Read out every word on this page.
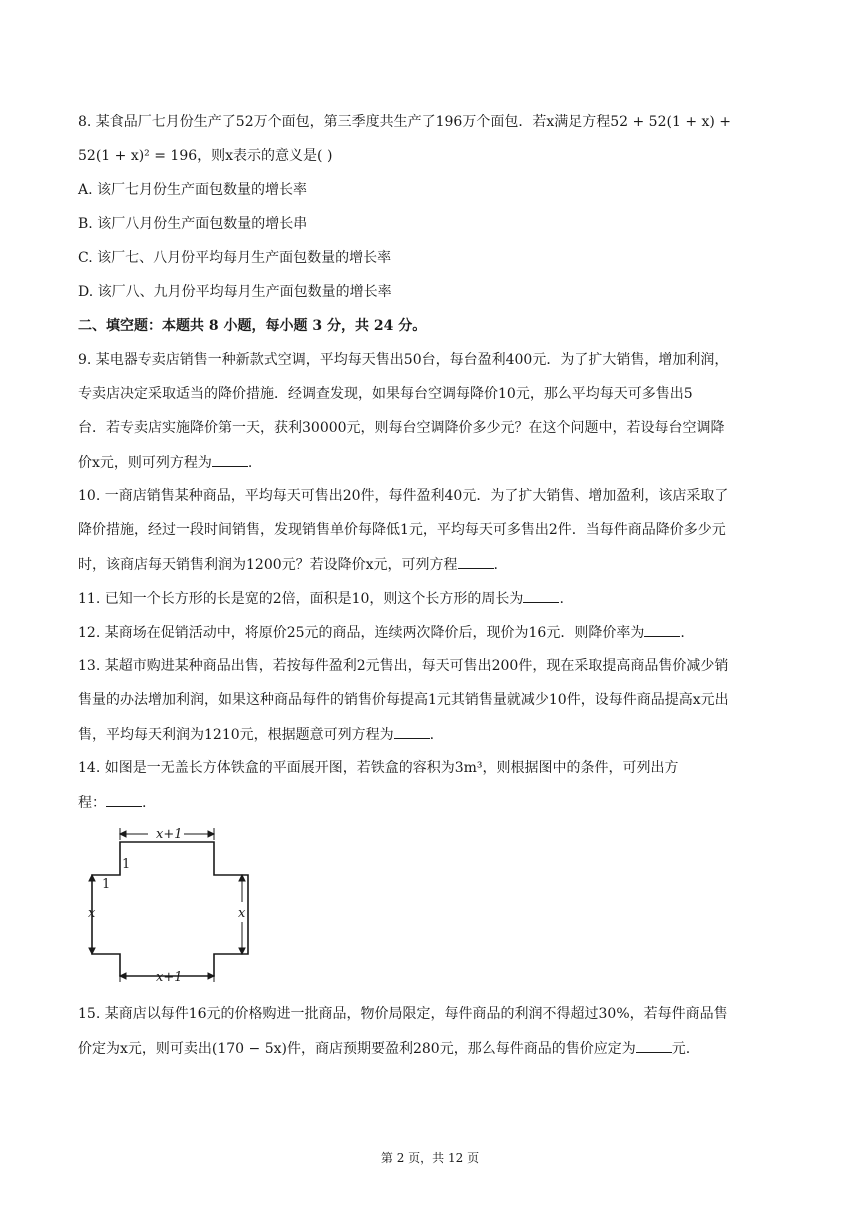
8. 某食品厂七月份生产了52万个面包，第三季度共生产了196万个面包．若x满足方程52 + 52(1 + x) +
52(1 + x)² = 196，则x表示的意义是( )
A. 该厂七月份生产面包数量的增长率
B. 该厂八月份生产面包数量的增长串
C. 该厂七、八月份平均每月生产面包数量的增长率
D. 该厂八、九月份平均每月生产面包数量的增长率
二、填空题：本题共 8 小题，每小题 3 分，共 24 分。
9. 某电器专卖店销售一种新款式空调，平均每天售出50台，每台盈利400元．为了扩大销售，增加利润，
专卖店决定采取适当的降价措施．经调查发现，如果每台空调每降价10元，那么平均每天可多售出5
台．若专卖店实施降价第一天，获利30000元，则每台空调降价多少元？在这个问题中，若设每台空调降
价x元，则可列方程为	.
10. 一商店销售某种商品，平均每天可售出20件，每件盈利40元．为了扩大销售、增加盈利，该店采取了
降价措施，经过一段时间销售，发现销售单价每降低1元，平均每天可多售出2件．当每件商品降价多少元
时，该商店每天销售利润为1200元？若设降价x元，可列方程	.
11. 已知一个长方形的长是宽的2倍，面积是10，则这个长方形的周长为	.
12. 某商场在促销活动中，将原价25元的商品，连续两次降价后，现价为16元．则降价率为	.
13. 某超市购进某种商品出售，若按每件盈利2元售出，每天可售出200件，现在采取提高商品售价减少销
售量的办法增加利润，如果这种商品每件的销售价每提高1元其销售量就减少10件，设每件商品提高x元出
售，平均每天利润为1210元，根据题意可列方程为	.
14. 如图是一无盖长方体铁盒的平面展开图，若铁盒的容积为3m³，则根据图中的条件，可列出方
程：	.
x+1
x+1
x	x
1
1
15. 某商店以每件16元的价格购进一批商品，物价局限定，每件商品的利润不得超过30%，若每件商品售
价定为x元，则可卖出(170 − 5x)件，商店预期要盈利280元，那么每件商品的售价应定为	元.
第 2 页，共 12 页
